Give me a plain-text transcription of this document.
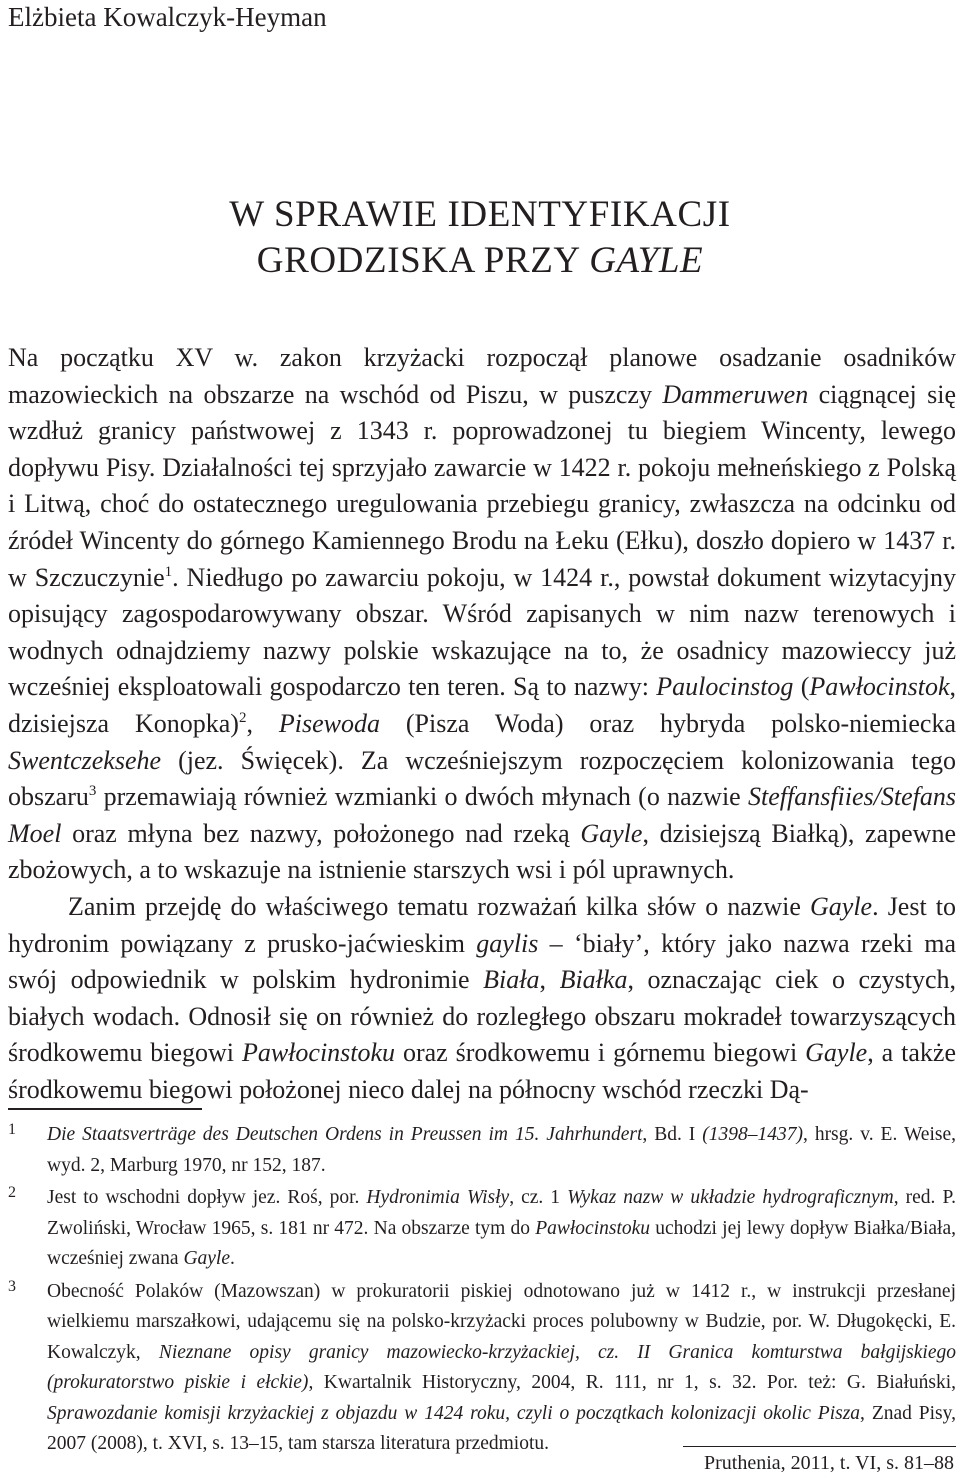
Elżbieta Kowalczyk-Heyman
W SPRAWIE IDENTYFIKACJI
GRODZISKA PRZY GAYLE

Na początku XV w. zakon krzyżacki rozpoczął planowe osadzanie osadników mazowieckich na obszarze na wschód od Piszu, w puszczy Dammeruwen ciągnącej się wzdłuż granicy państwowej z 1343 r. poprowadzonej tu biegiem Wincenty, lewego dopływu Pisy. Działalności tej sprzyjało zawarcie w 1422 r. pokoju mełneńskiego z Polską i Litwą, choć do ostatecznego uregulowania przebiegu granicy, zwłaszcza na odcinku od źródeł Wincenty do górnego Kamiennego Brodu na Łeku (Ełku), doszło dopiero w 1437 r. w Szczuczynie$^1$. Niedługo po zawarciu pokoju, w 1424 r., powstał dokument wizytacyjny opisujący zagospodarowywany obszar. Wśród zapisanych w nim nazw terenowych i wodnych odnajdziemy nazwy polskie wskazujące na to, że osadnicy mazowieccy już wcześniej eksploatowali gospodarczo ten teren. Są to nazwy: Paulocinstog (Pawłocinstok, dzisiejsza Konopka)$^2$, Pisewoda (Pisza Woda) oraz hybryda polsko-niemiecka Swentczeksehe (jez. Święcek). Za wcześniejszym rozpoczęciem kolonizowania tego obszaru$^3$ przemawiają również wzmianki o dwóch młynach (o nazwie Steffansfiies/Stefans Moel oraz młyna bez nazwy, położonego nad rzeką Gayle, dzisiejszą Białką), zapewne zbożowych, a to wskazuje na istnienie starszych wsi i pól uprawnych.

Zanim przejdę do właściwego tematu rozważań kilka słów o nazwie Gayle. Jest to hydronim powiązany z prusko-jaćwieskim gaylis – ‘biały’, który jako nazwa rzeki ma swój odpowiednik w polskim hydronimie Biała, Białka, oznaczając ciek o czystych, białych wodach. Odnosił się on również do rozległego obszaru mokradeł towarzyszących środkowemu biegowi Pawłocinstoku oraz środkowemu i górnemu biegowi Gayle, a także środkowemu biegowi położonej nieco dalej na północny wschód rzeczki Dą-

1	Die Staatsverträge des Deutschen Ordens in Preussen im 15. Jahrhundert, Bd. I (1398–1437), hrsg. v. E. Weise, wyd. 2, Marburg 1970, nr 152, 187.
2	Jest to wschodni dopływ jez. Roś, por. Hydronimia Wisły, cz. 1 Wykaz nazw w układzie hydrograficznym, red. P. Zwoliński, Wrocław 1965, s. 181 nr 472. Na obszarze tym do Pawłocinstoku uchodzi jej lewy dopływ Białka/Biała, wcześniej zwana Gayle.
3	Obecność Polaków (Mazowszan) w prokuratorii piskiej odnotowano już w 1412 r., w instrukcji przesłanej wielkiemu marszałkowi, udającemu się na polsko-krzyżacki proces polubowny w Budzie, por. W. Długokęcki, E. Kowalczyk, Nieznane opisy granicy mazowiecko-krzyżackiej, cz. II Granica komturstwa bałgijskiego (prokuratorstwo piskie i ełckie), Kwartalnik Historyczny, 2004, R. 111, nr 1, s. 32. Por. też: G. Białuński, Sprawozdanie komisji krzyżackiej z objazdu w 1424 roku, czyli o początkach kolonizacji okolic Pisza, Znad Pisy, 2007 (2008), t. XVI, s. 13–15, tam starsza literatura przedmiotu.
Pruthenia, 2011, t. VI, s. 81–88
